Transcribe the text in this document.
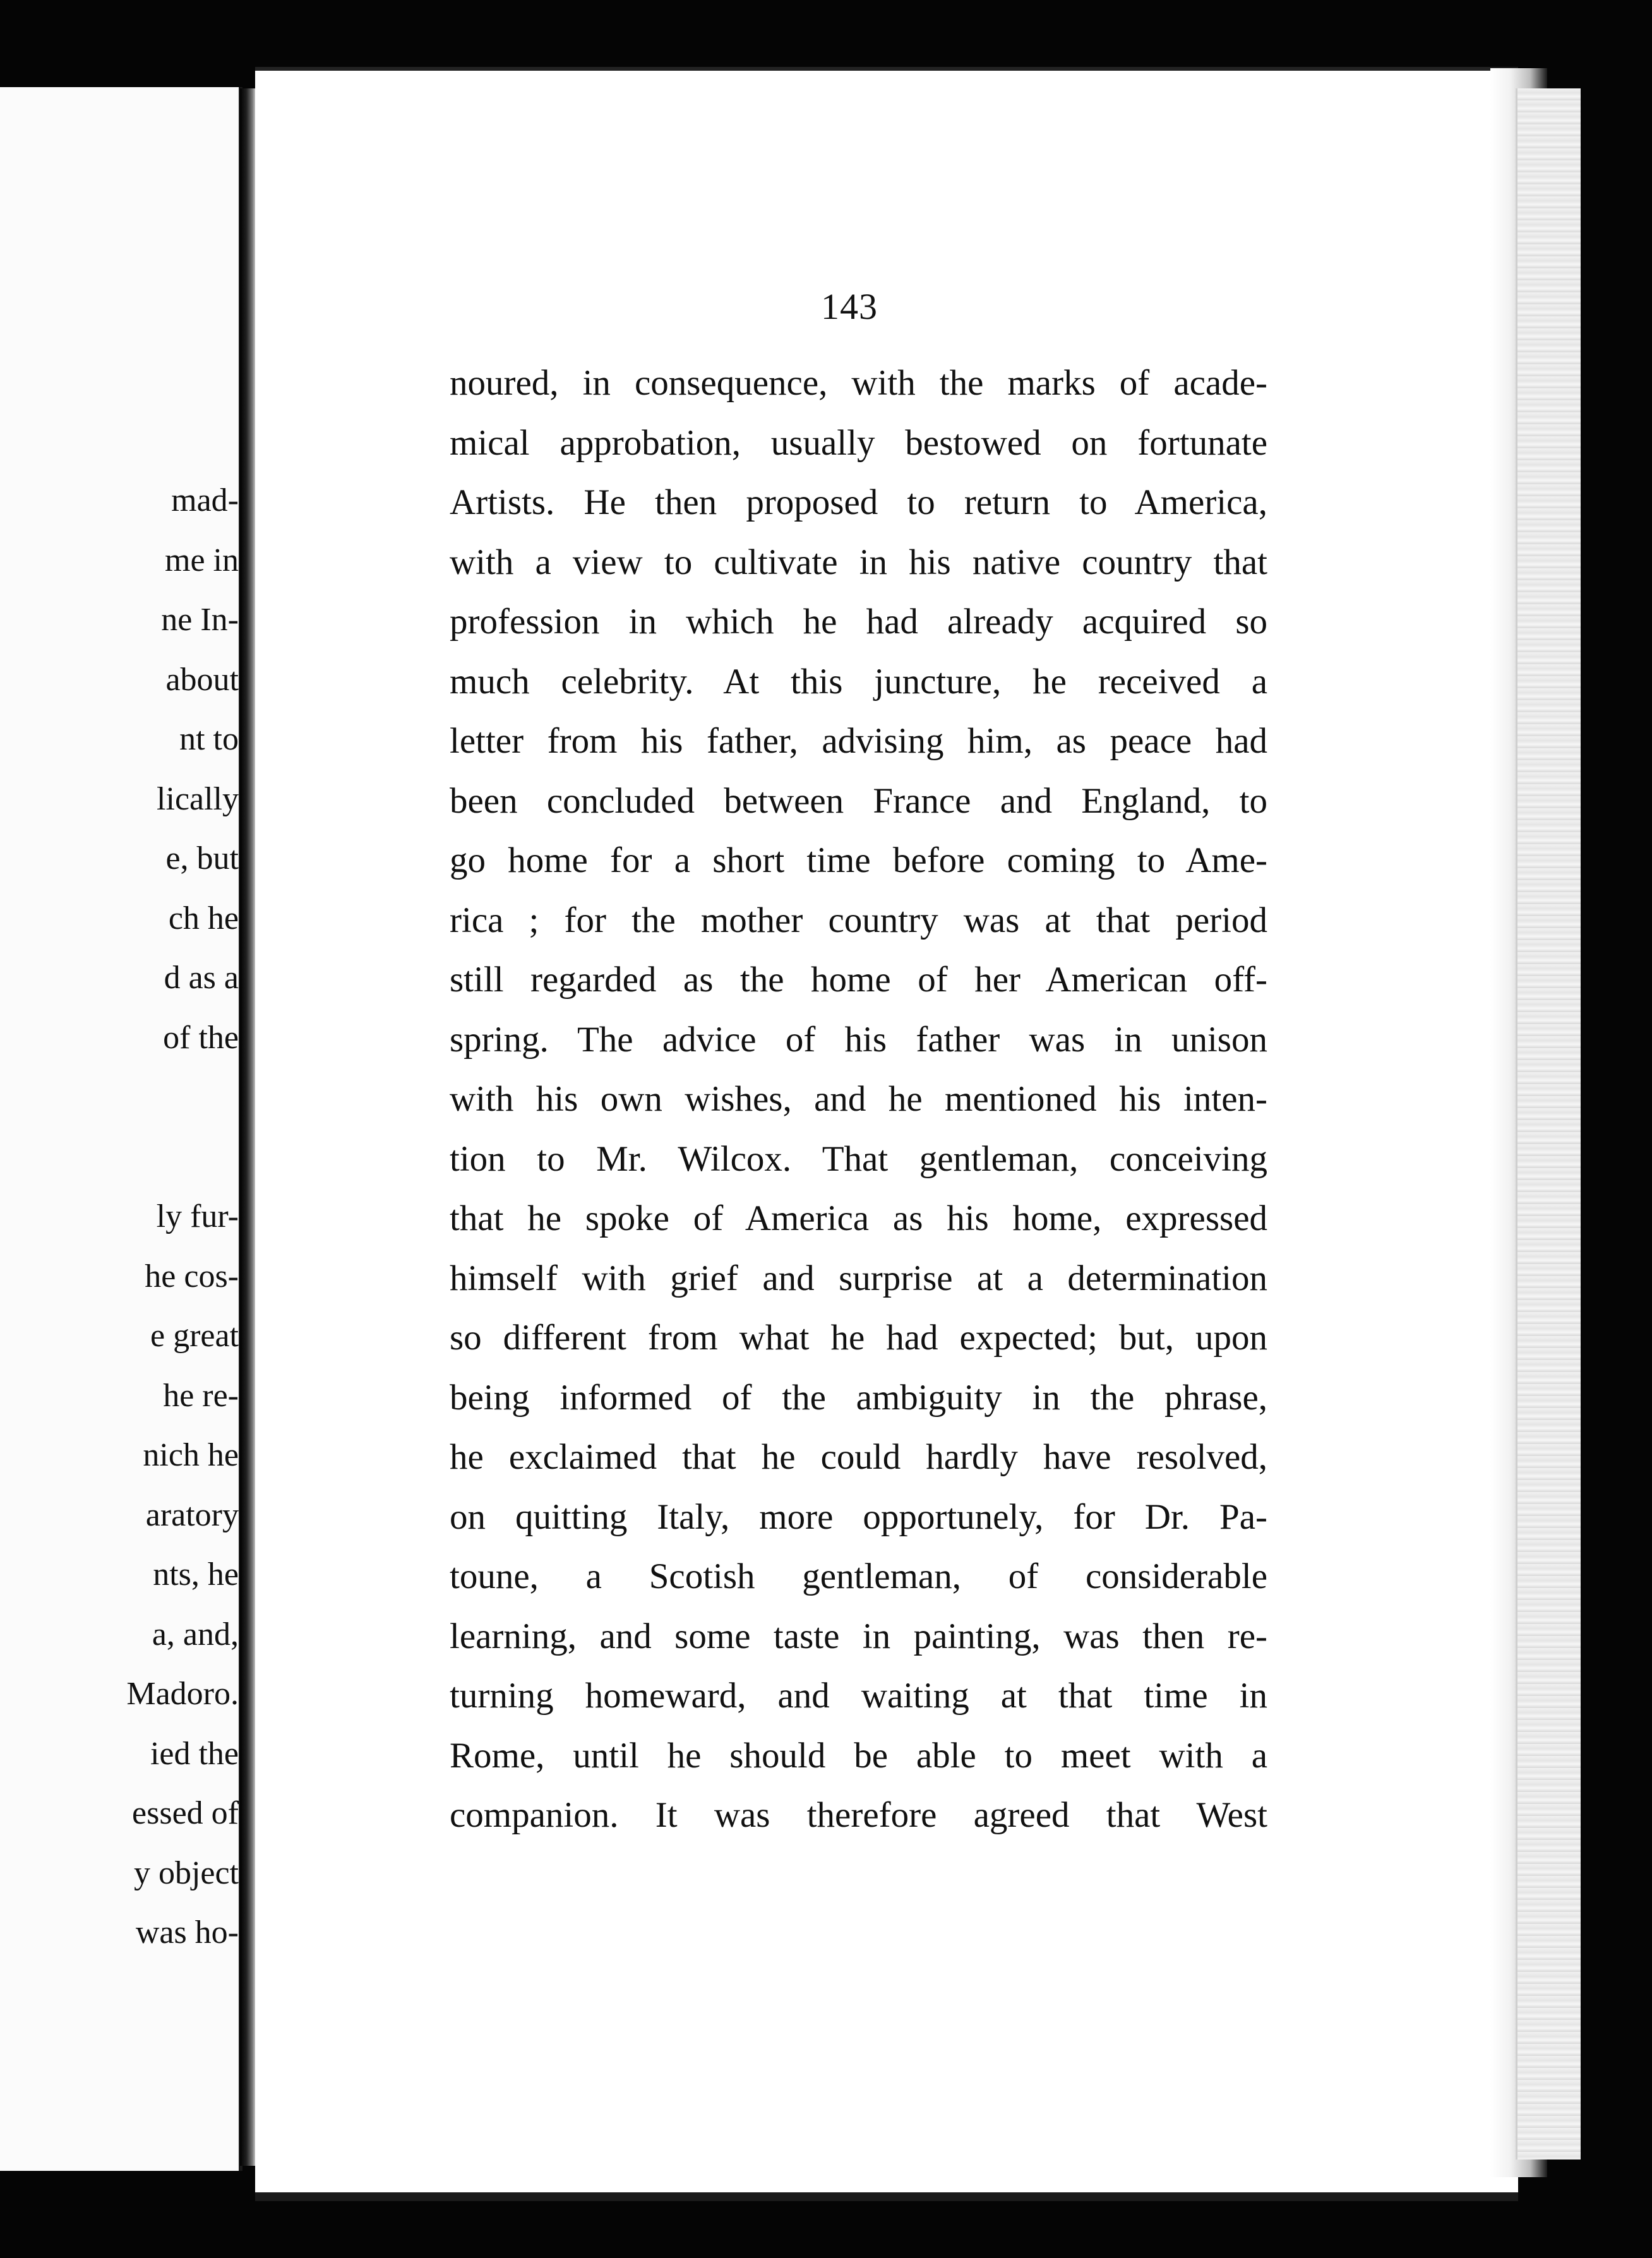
mad-
me in
ne In-
about
nt to
lically
e, but
ch he
d as a
of the
ly fur-
he cos-
e great
he re-
nich he
aratory
nts, he
a, and,
Madoro.
ied the
essed of
y object
was ho-
143
noured, in consequence, with the marks of acade-
mical approbation, usually bestowed on fortunate
Artists. He then proposed to return to America,
with a view to cultivate in his native country that
profession in which he had already acquired so
much celebrity. At this juncture, he received a
letter from his father, advising him, as peace had
been concluded between France and England, to
go home for a short time before coming to Ame-
rica ; for the mother country was at that period
still regarded as the home of her American off-
spring. The advice of his father was in unison
with his own wishes, and he mentioned his inten-
tion to Mr. Wilcox. That gentleman, conceiving
that he spoke of America as his home, expressed
himself with grief and surprise at a determination
so different from what he had expected; but, upon
being informed of the ambiguity in the phrase,
he exclaimed that he could hardly have resolved,
on quitting Italy, more opportunely, for Dr. Pa-
toune, a Scotish gentleman, of considerable
learning, and some taste in painting, was then re-
turning homeward, and waiting at that time in
Rome, until he should be able to meet with a
companion. It was therefore agreed that West
